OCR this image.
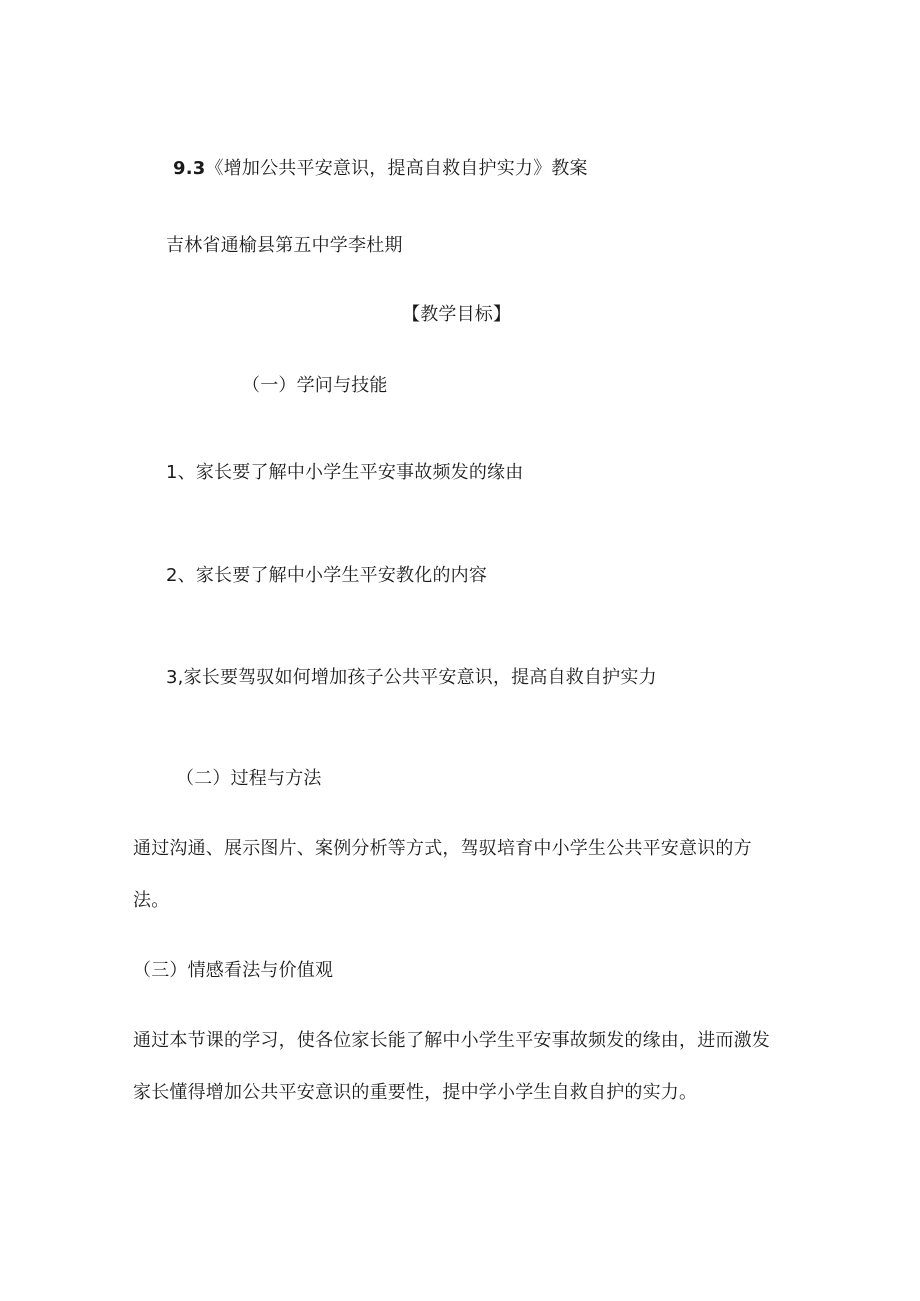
9.3《增加公共平安意识，提高自救自护实力》教案
吉林省通榆县第五中学李杜期
【教学目标】
（一）学问与技能
1、家长要了解中小学生平安事故频发的缘由
2、家长要了解中小学生平安教化的内容
3,家长要驾驭如何增加孩子公共平安意识，提高自救自护实力
（二）过程与方法
通过沟通、展示图片、案例分析等方式，驾驭培育中小学生公共平安意识的方
法。
（三）情感看法与价值观
通过本节课的学习，使各位家长能了解中小学生平安事故频发的缘由，进而激发
家长懂得增加公共平安意识的重要性，提中学小学生自救自护的实力。
